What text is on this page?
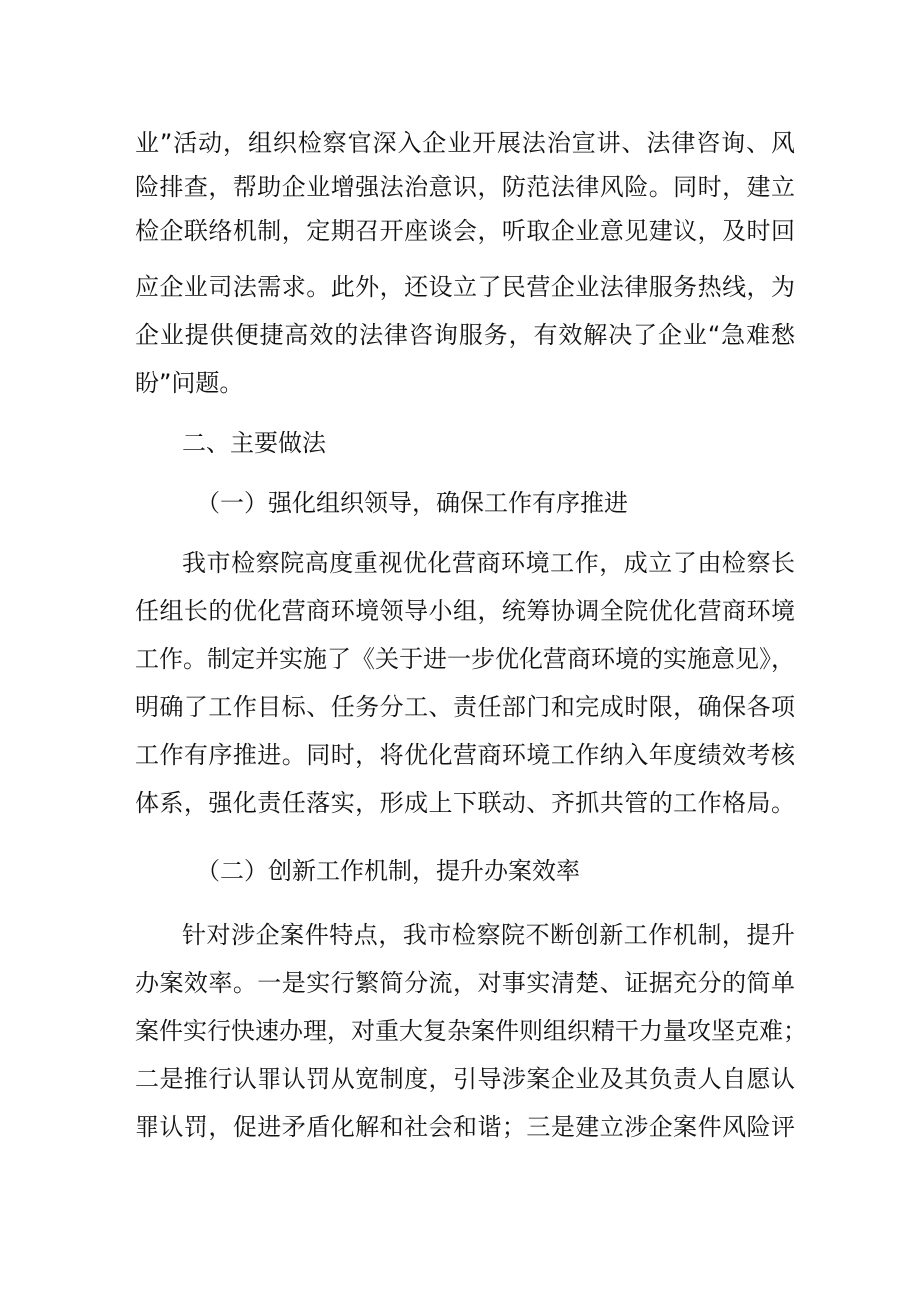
业”活动，组织检察官深入企业开展法治宣讲、法律咨询、风
险排查，帮助企业增强法治意识，防范法律风险。同时，建立
检企联络机制，定期召开座谈会，听取企业意见建议，及时回
应企业司法需求。此外，还设立了民营企业法律服务热线，为
企业提供便捷高效的法律咨询服务，有效解决了企业“急难愁
盼”问题。
二、主要做法
（一）强化组织领导，确保工作有序推进
我市检察院高度重视优化营商环境工作，成立了由检察长
任组长的优化营商环境领导小组，统筹协调全院优化营商环境
工作。制定并实施了《关于进一步优化营商环境的实施意见》，
明确了工作目标、任务分工、责任部门和完成时限，确保各项
工作有序推进。同时，将优化营商环境工作纳入年度绩效考核
体系，强化责任落实，形成上下联动、齐抓共管的工作格局。
（二）创新工作机制，提升办案效率
针对涉企案件特点，我市检察院不断创新工作机制，提升
办案效率。一是实行繁简分流，对事实清楚、证据充分的简单
案件实行快速办理，对重大复杂案件则组织精干力量攻坚克难；
二是推行认罪认罚从宽制度，引导涉案企业及其负责人自愿认
罪认罚，促进矛盾化解和社会和谐；三是建立涉企案件风险评
